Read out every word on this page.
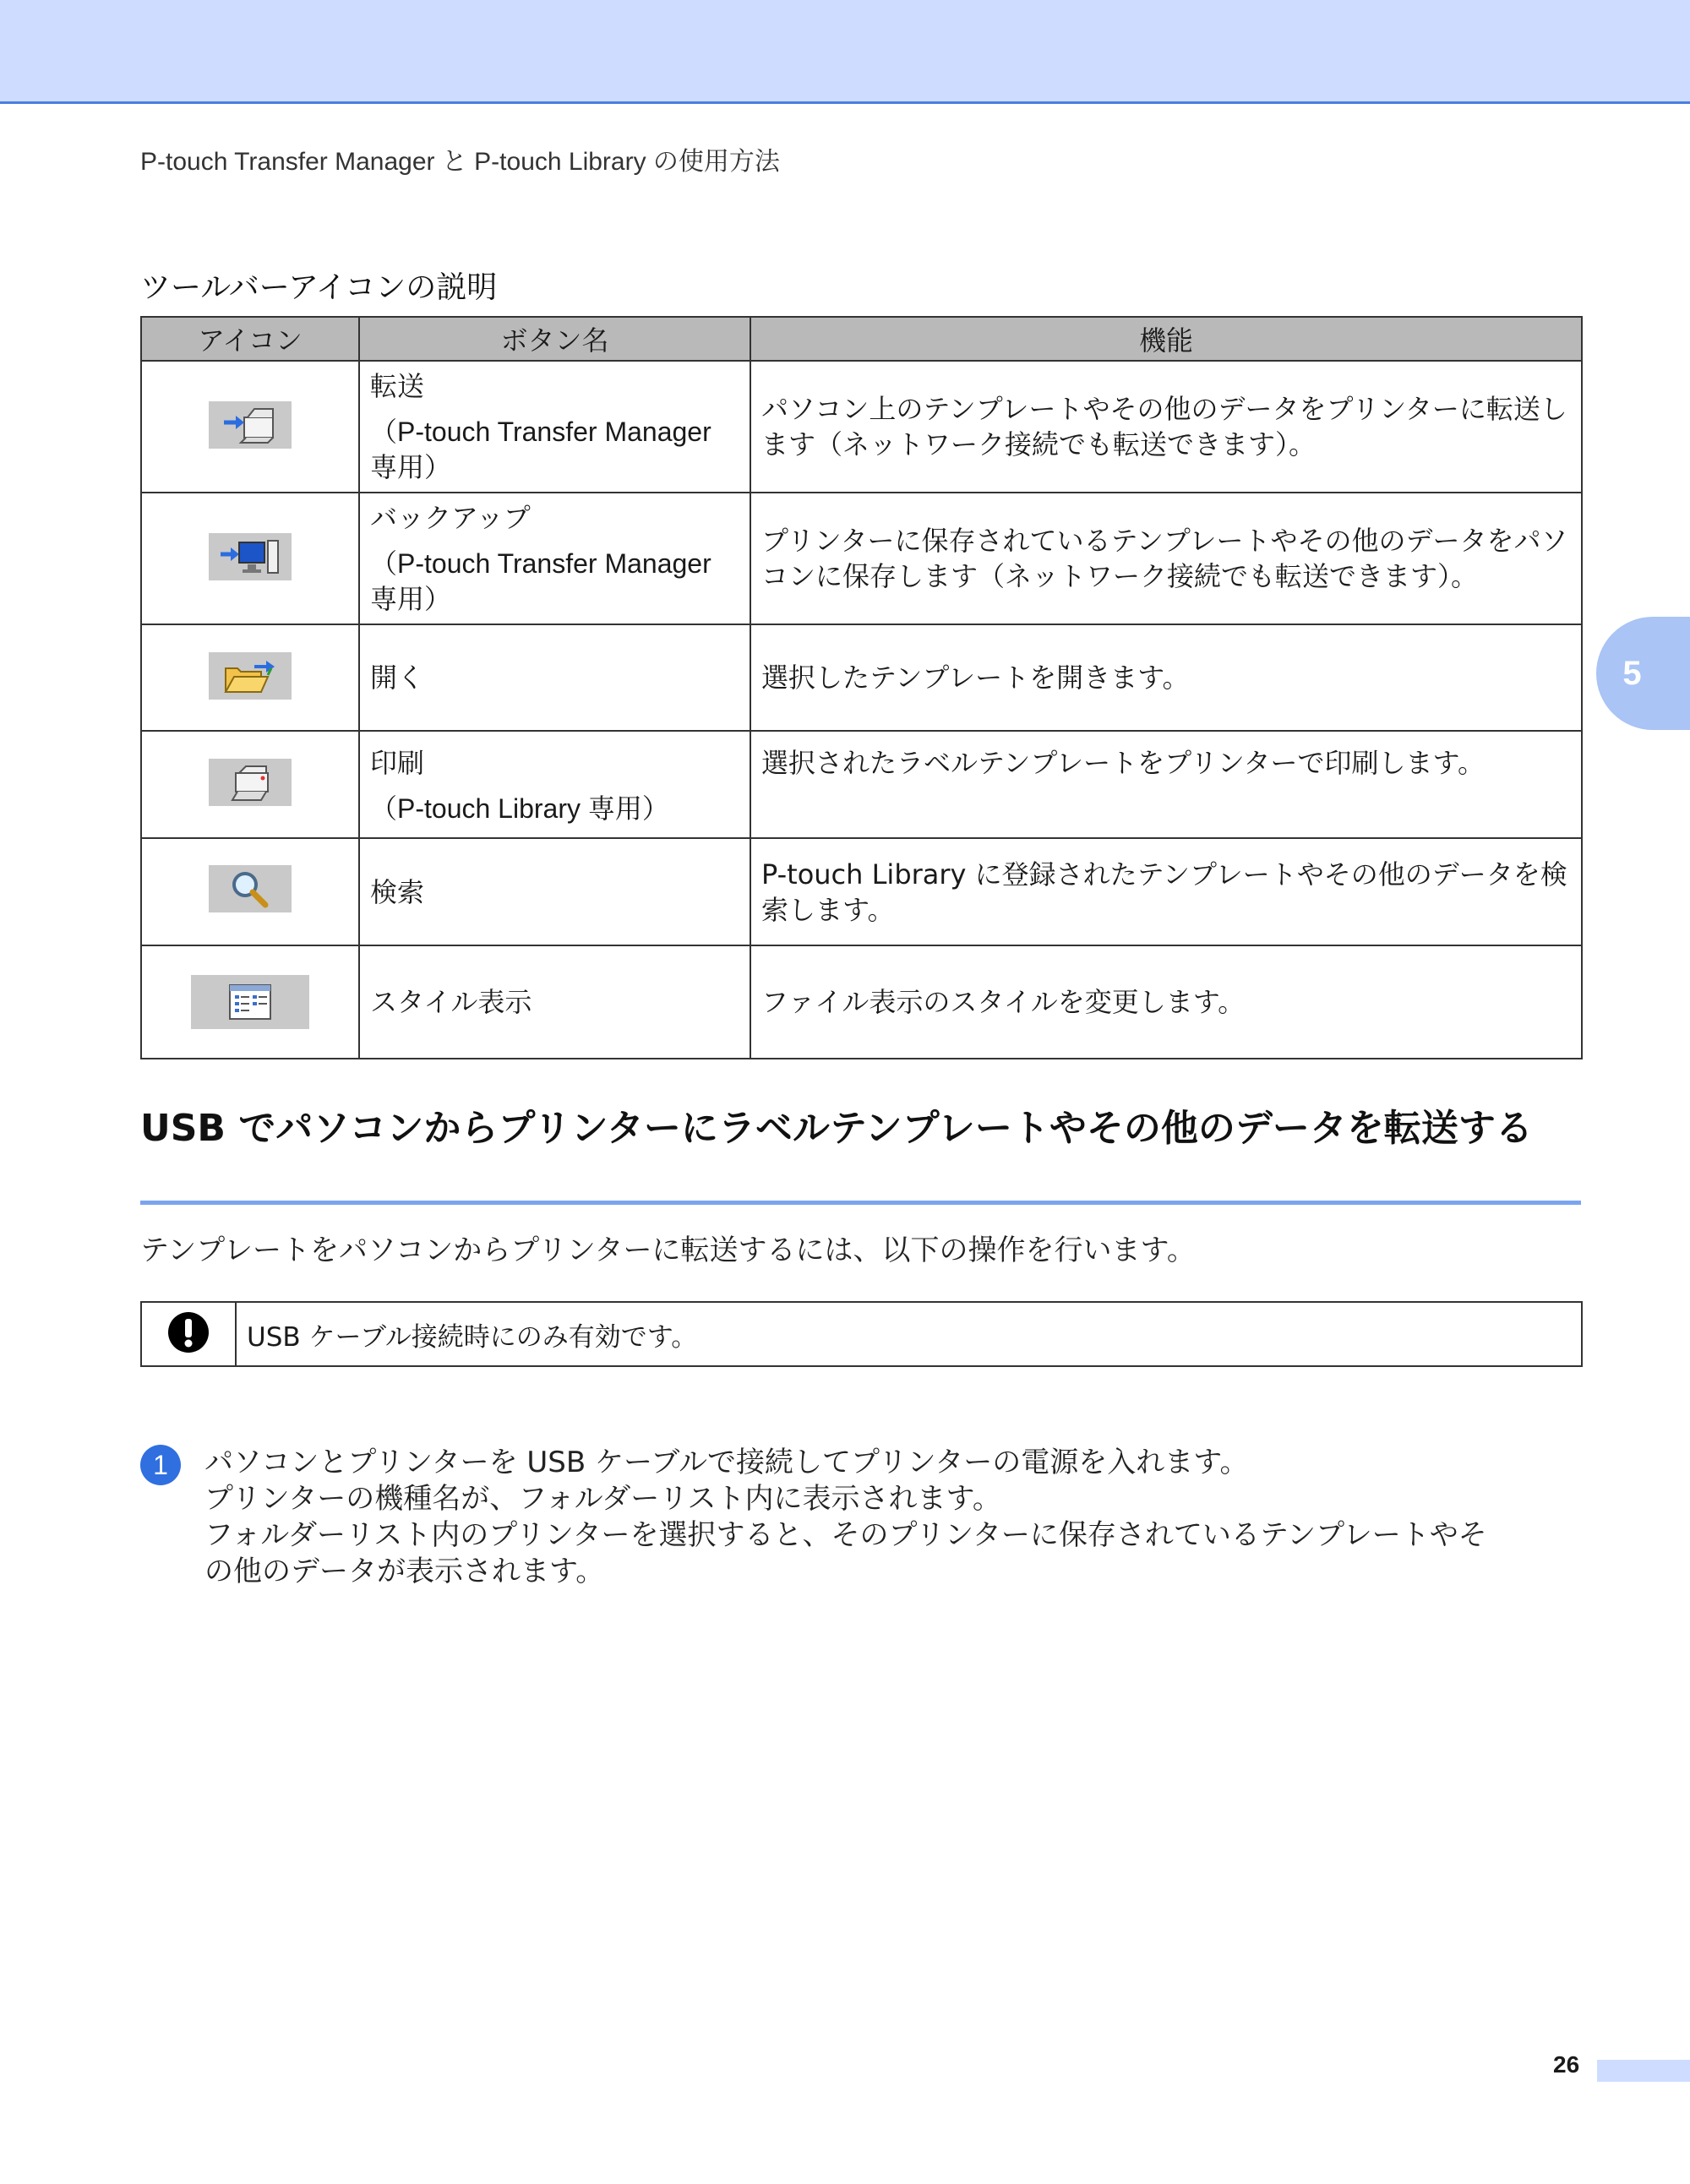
P-touch Transfer Manager と P-touch Library の使用方法
ツールバーアイコンの説明
アイコン	ボタン名	機能

転送
（P-touch Transfer Manager 専用）	パソコン上のテンプレートやその他のデータをプリンターに転送します（ネットワーク接続でも転送できます）。

バックアップ
（P-touch Transfer Manager 専用）	プリンターに保存されているテンプレートやその他のデータをパソコンに保存します（ネットワーク接続でも転送できます）。

開く	選択したテンプレートを開きます。

印刷
（P-touch Library 専用）	選択されたラベルテンプレートをプリンターで印刷します。

検索	P-touch Library に登録されたテンプレートやその他のデータを検索します。

スタイル表示	ファイル表示のスタイルを変更します。
5
USB でパソコンからプリンターにラベルテンプレートやその他のデータを転送する
テンプレートをパソコンからプリンターに転送するには、以下の操作を行います。
USB ケーブル接続時にのみ有効です。
1	パソコンとプリンターを USB ケーブルで接続してプリンターの電源を入れます。
プリンターの機種名が、フォルダーリスト内に表示されます。
フォルダーリスト内のプリンターを選択すると、そのプリンターに保存されているテンプレートやそ
の他のデータが表示されます。
26
